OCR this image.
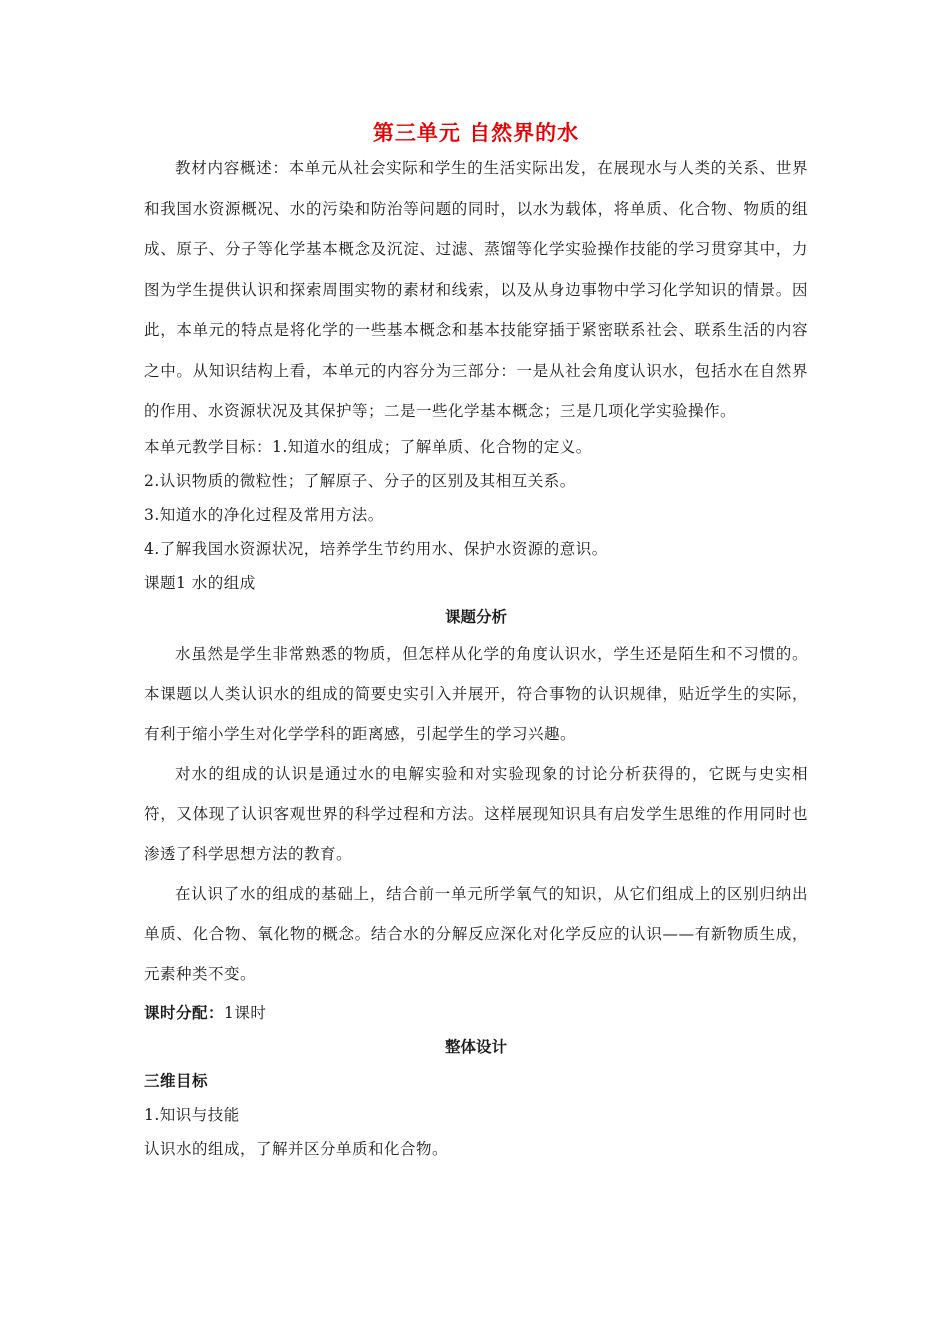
第三单元 自然界的水

教材内容概述：本单元从社会实际和学生的生活实际出发，在展现水与人类的关系、世界和我国水资源概况、水的污染和防治等问题的同时，以水为载体，将单质、化合物、物质的组成、原子、分子等化学基本概念及沉淀、过滤、蒸馏等化学实验操作技能的学习贯穿其中，力图为学生提供认识和探索周围实物的素材和线索，以及从身边事物中学习化学知识的情景。因此，本单元的特点是将化学的一些基本概念和基本技能穿插于紧密联系社会、联系生活的内容之中。从知识结构上看，本单元的内容分为三部分：一是从社会角度认识水，包括水在自然界的作用、水资源状况及其保护等；二是一些化学基本概念；三是几项化学实验操作。

本单元教学目标：1.知道水的组成；了解单质、化合物的定义。

2.认识物质的微粒性；了解原子、分子的区别及其相互关系。

3.知道水的净化过程及常用方法。

4.了解我国水资源状况，培养学生节约用水、保护水资源的意识。

课题1 水的组成

课题分析

水虽然是学生非常熟悉的物质，但怎样从化学的角度认识水，学生还是陌生和不习惯的。本课题以人类认识水的组成的简要史实引入并展开，符合事物的认识规律，贴近学生的实际，有利于缩小学生对化学学科的距离感，引起学生的学习兴趣。

对水的组成的认识是通过水的电解实验和对实验现象的讨论分析获得的，它既与史实相符，又体现了认识客观世界的科学过程和方法。这样展现知识具有启发学生思维的作用同时也渗透了科学思想方法的教育。

在认识了水的组成的基础上，结合前一单元所学氧气的知识，从它们组成上的区别归纳出单质、化合物、氧化物的概念。结合水的分解反应深化对化学反应的认识——有新物质生成，元素种类不变。

课时分配：1课时

整体设计

三维目标

1.知识与技能

认识水的组成，了解并区分单质和化合物。
